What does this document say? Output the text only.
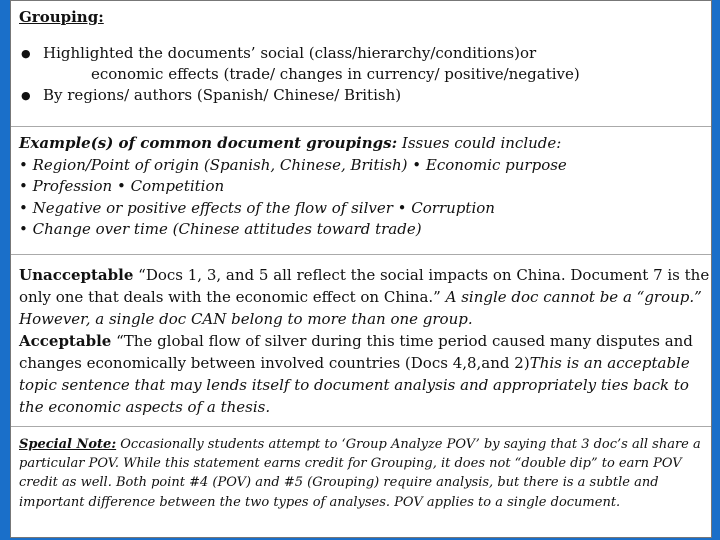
Grouping:

● Highlighted the documents’ social (class/hierarchy/conditions)or
economic effects (trade/ changes in currency/ positive/negative)
● By regions/ authors (Spanish/ Chinese/ British)
Example(s) of common document groupings: Issues could include:
• Region/Point of origin (Spanish, Chinese, British) • Economic purpose
• Profession • Competition
• Negative or positive effects of the flow of silver • Corruption
• Change over time (Chinese attitudes toward trade)
Unacceptable “Docs 1, 3, and 5 all reflect the social impacts on China. Document 7 is the only one that deals with the economic effect on China.” A single doc cannot be a “group.” However, a single doc CAN belong to more than one group.
Acceptable “The global flow of silver during this time period caused many disputes and changes economically between involved countries (Docs 4,8,and 2)This is an acceptable topic sentence that may lends itself to document analysis and appropriately ties back to the economic aspects of a thesis.
Special Note: Occasionally students attempt to ‘Group Analyze POV’ by saying that 3 doc’s all share a particular POV. While this statement earns credit for Grouping, it does not “double dip” to earn POV credit as well. Both point #4 (POV) and #5 (Grouping) require analysis, but there is a subtle and important difference between the two types of analyses. POV applies to a single document.
